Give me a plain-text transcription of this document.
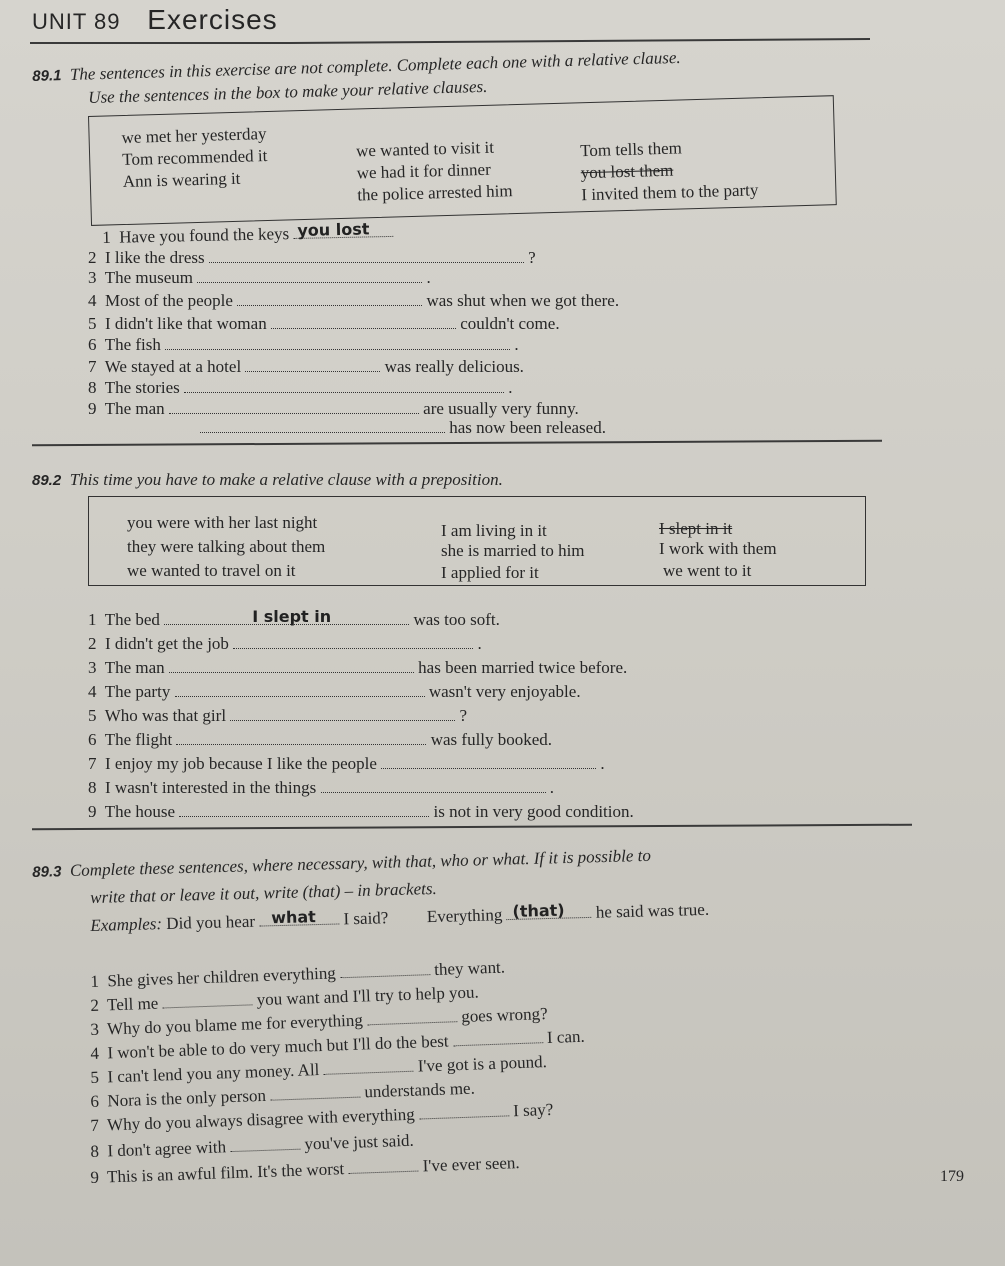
UNIT 89 Exercises
89.1 The sentences in this exercise are not complete. Complete each one with a relative clause.
Use the sentences in the box to make your relative clauses.
we met her yesterday
Tom recommended it
Ann is wearing it
we wanted to visit it
we had it for dinner
the police arrested him
Tom tells them
you lost them
I invited them to the party
1 Have you found the keys you lost
2 I like the dress	?
3 The museum	.
4 Most of the people	was shut when we got there.
5 I didn't like that woman	couldn't come.
6 The fish	.
7 We stayed at a hotel	was really delicious.
8 The stories	.
9 The man	are usually very funny.
has now been released.
89.2 This time you have to make a relative clause with a preposition.
you were with her last night
they were talking about them
we wanted to travel on it
I am living in it
she is married to him
I applied for it
I slept in it
I work with them
we went to it
1 The bed	I slept in	was too soft.
2 I didn't get the job	.
3 The man	has been married twice before.
4 The party	wasn't very enjoyable.
5 Who was that girl	?
6 The flight	was fully booked.
7 I enjoy my job because I like the people	.
8 I wasn't interested in the things	.
9 The house	is not in very good condition.
89.3 Complete these sentences, where necessary, with that, who or what. If it is possible to
write that or leave it out, write (that) – in brackets.
Examples: Did you hear what I said? Everything (that) he said was true.
1 She gives her children everything	they want.
2 Tell me	you want and I'll try to help you.
3 Why do you blame me for everything	goes wrong?
4 I won't be able to do very much but I'll do the best	I can.
5 I can't lend you any money. All	I've got is a pound.
6 Nora is the only person	understands me.
7 Why do you always disagree with everything	I say?
8 I don't agree with	you've just said.
9 This is an awful film. It's the worst	I've ever seen.
179
